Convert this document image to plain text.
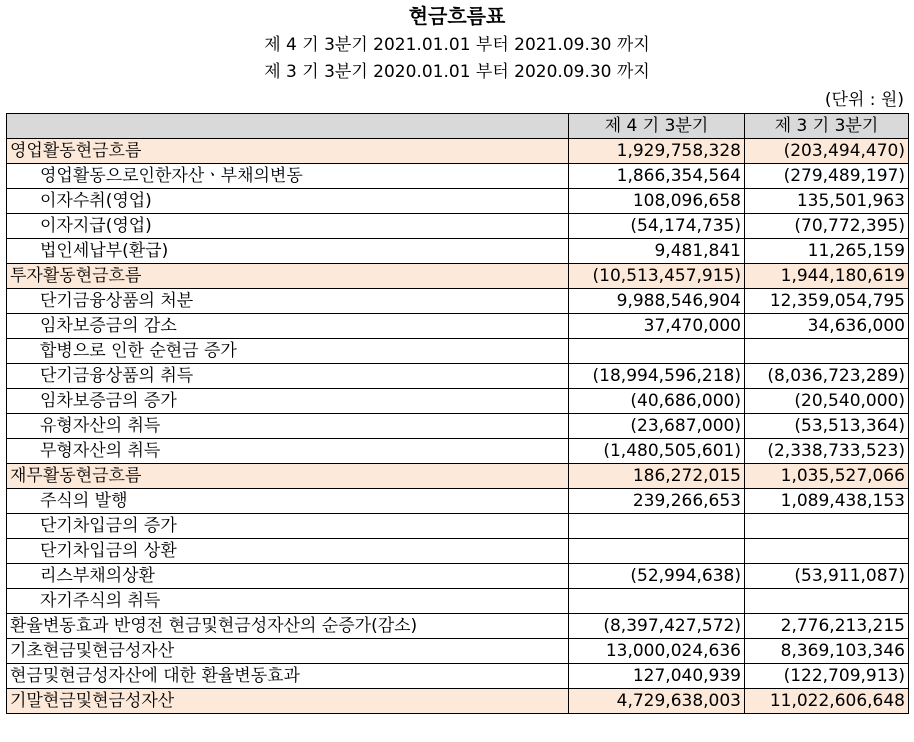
현금흐름표
제 4 기 3분기 2021.01.01 부터 2021.09.30 까지
제 3 기 3분기 2020.01.01 부터 2020.09.30 까지
(단위 : 원)
	제 4 기 3분기	제 3 기 3분기
영업활동현금흐름	1,929,758,328	(203,494,470)
영업활동으로인한자산ㆍ부채의변동	1,866,354,564	(279,489,197)
이자수취(영업)	108,096,658	135,501,963
이자지급(영업)	(54,174,735)	(70,772,395)
법인세납부(환급)	9,481,841	11,265,159
투자활동현금흐름	(10,513,457,915)	1,944,180,619
단기금융상품의 처분	9,988,546,904	12,359,054,795
임차보증금의 감소	37,470,000	34,636,000
합병으로 인한 순현금 증가		
단기금융상품의 취득	(18,994,596,218)	(8,036,723,289)
임차보증금의 증가	(40,686,000)	(20,540,000)
유형자산의 취득	(23,687,000)	(53,513,364)
무형자산의 취득	(1,480,505,601)	(2,338,733,523)
재무활동현금흐름	186,272,015	1,035,527,066
주식의 발행	239,266,653	1,089,438,153
단기차입금의 증가		
단기차입금의 상환		
리스부채의상환	(52,994,638)	(53,911,087)
자기주식의 취득		
환율변동효과 반영전 현금및현금성자산의 순증가(감소)	(8,397,427,572)	2,776,213,215
기초현금및현금성자산	13,000,024,636	8,369,103,346
현금및현금성자산에 대한 환율변동효과	127,040,939	(122,709,913)
기말현금및현금성자산	4,729,638,003	11,022,606,648
